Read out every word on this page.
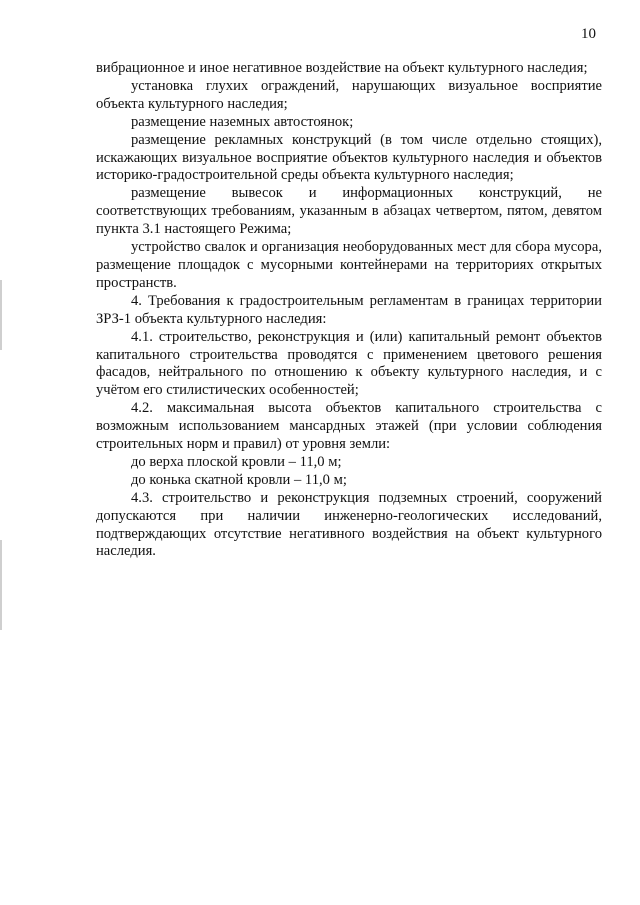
10

вибрационное и иное негативное воздействие на объект культурного наследия;

установка глухих ограждений, нарушающих визуальное восприятие объекта культурного наследия;

размещение наземных автостоянок;

размещение рекламных конструкций (в том числе отдельно стоящих), искажающих визуальное восприятие объектов культурного наследия и объектов историко-градостроительной среды объекта культурного наследия;

размещение вывесок и информационных конструкций, не соответствующих требованиям, указанным в абзацах четвертом, пятом, девятом пункта 3.1 настоящего Режима;

устройство свалок и организация необорудованных мест для сбора мусора, размещение площадок с мусорными контейнерами на территориях открытых пространств.

4. Требования к градостроительным регламентам в границах территории ЗРЗ-1 объекта культурного наследия:

4.1. строительство, реконструкция и (или) капитальный ремонт объектов капитального строительства проводятся с применением цветового решения фасадов, нейтрального по отношению к объекту культурного наследия, и с учётом его стилистических особенностей;

4.2. максимальная высота объектов капитального строительства с возможным использованием мансардных этажей (при условии соблюдения строительных норм и правил) от уровня земли:

до верха плоской кровли – 11,0 м;

до конька скатной кровли – 11,0 м;

4.3. строительство и реконструкция подземных строений, сооружений допускаются при наличии инженерно-геологических исследований, подтверждающих отсутствие негативного воздействия на объект культурного наследия.
